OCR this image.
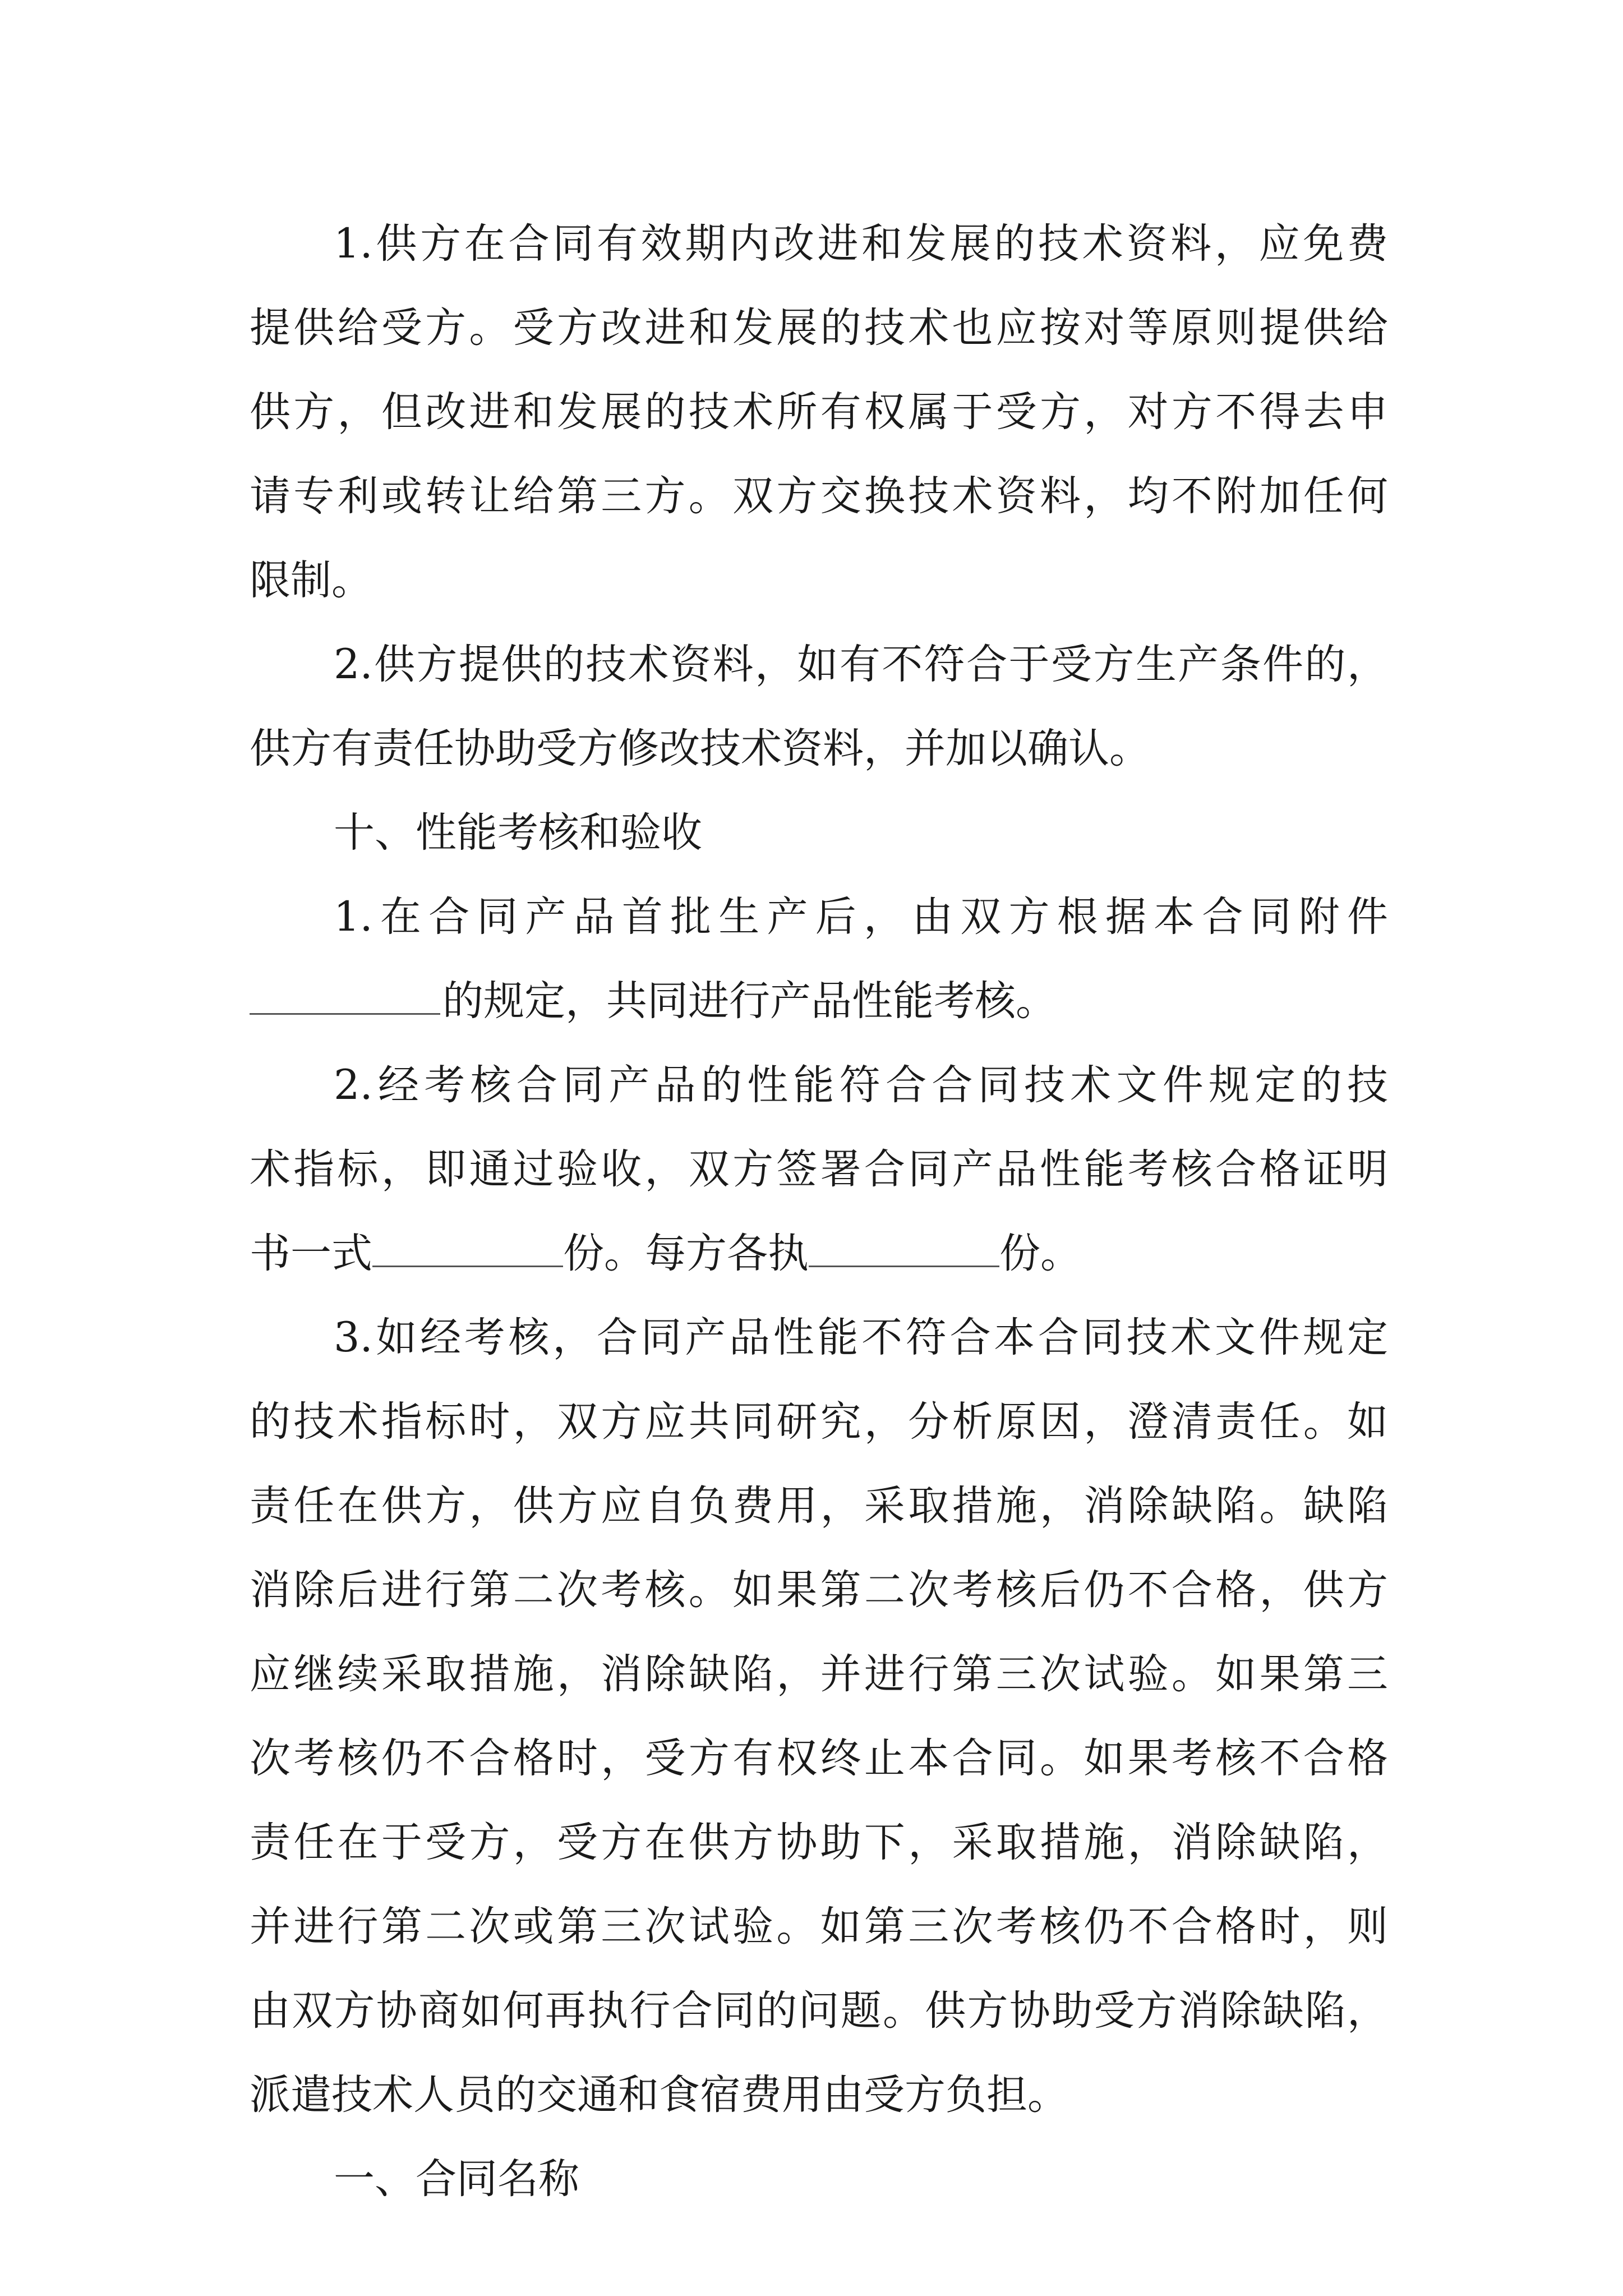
1.供方在合同有效期内改进和发展的技术资料，应免费
提供给受方。受方改进和发展的技术也应按对等原则提供给
供方，但改进和发展的技术所有权属于受方，对方不得去申
请专利或转让给第三方。双方交换技术资料，均不附加任何
限制。
2.供方提供的技术资料，如有不符合于受方生产条件的，
供方有责任协助受方修改技术资料，并加以确认。
十、性能考核和验收
1.在合同产品首批生产后，由双方根据本合同附件
的规定，共同进行产品性能考核。
2.经考核合同产品的性能符合合同技术文件规定的技
术指标，即通过验收，双方签署合同产品性能考核合格证明
书一式	份。每方各执	份。
3.如经考核，合同产品性能不符合本合同技术文件规定
的技术指标时，双方应共同研究，分析原因，澄清责任。如
责任在供方，供方应自负费用，采取措施，消除缺陷。缺陷
消除后进行第二次考核。如果第二次考核后仍不合格，供方
应继续采取措施，消除缺陷，并进行第三次试验。如果第三
次考核仍不合格时，受方有权终止本合同。如果考核不合格
责任在于受方，受方在供方协助下，采取措施，消除缺陷，
并进行第二次或第三次试验。如第三次考核仍不合格时，则
由双方协商如何再执行合同的问题。供方协助受方消除缺陷，
派遣技术人员的交通和食宿费用由受方负担。
一、合同名称
